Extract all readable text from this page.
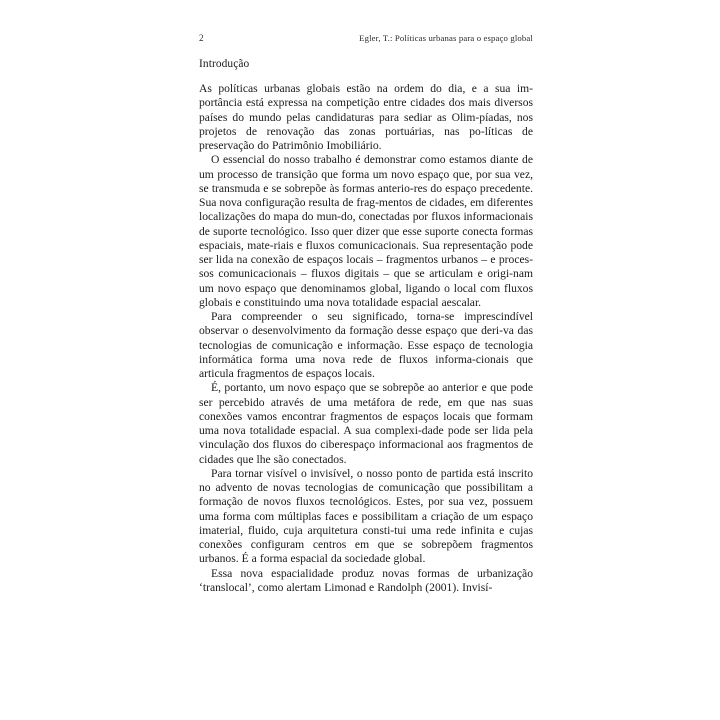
2	Egler, T.: Políticas urbanas para o espaço global
Introdução

As políticas urbanas globais estão na ordem do dia, e a sua im-portância está expressa na competição entre cidades dos mais diversos países do mundo pelas candidaturas para sediar as Olim-píadas, nos projetos de renovação das zonas portuárias, nas po-líticas de preservação do Patrimônio Imobiliário.

O essencial do nosso trabalho é demonstrar como estamos diante de um processo de transição que forma um novo espaço que, por sua vez, se transmuda e se sobrepõe às formas anterio-res do espaço precedente. Sua nova configuração resulta de frag-mentos de cidades, em diferentes localizações do mapa do mun-do, conectadas por fluxos informacionais de suporte tecnológico. Isso quer dizer que esse suporte conecta formas espaciais, mate-riais e fluxos comunicacionais. Sua representação pode ser lida na conexão de espaços locais – fragmentos urbanos – e proces-sos comunicacionais – fluxos digitais – que se articulam e origi-nam um novo espaço que denominamos global, ligando o local com fluxos globais e constituindo uma nova totalidade espacial aescalar.

Para compreender o seu significado, torna-se imprescindível observar o desenvolvimento da formação desse espaço que deri-va das tecnologias de comunicação e informação. Esse espaço de tecnologia informática forma uma nova rede de fluxos informa-cionais que articula fragmentos de espaços locais.

É, portanto, um novo espaço que se sobrepõe ao anterior e que pode ser percebido através de uma metáfora de rede, em que nas suas conexões vamos encontrar fragmentos de espaços locais que formam uma nova totalidade espacial. A sua complexi-dade pode ser lida pela vinculação dos fluxos do ciberespaço informacional aos fragmentos de cidades que lhe são conectados.

Para tornar visível o invisível, o nosso ponto de partida está inscrito no advento de novas tecnologias de comunicação que possibilitam a formação de novos fluxos tecnológicos. Estes, por sua vez, possuem uma forma com múltiplas faces e possibilitam a criação de um espaço imaterial, fluido, cuja arquitetura consti-tui uma rede infinita e cujas conexões configuram centros em que se sobrepõem fragmentos urbanos. É a forma espacial da sociedade global.

Essa nova espacialidade produz novas formas de urbanização ‘translocal’, como alertam Limonad e Randolph (2001). Invisí-
